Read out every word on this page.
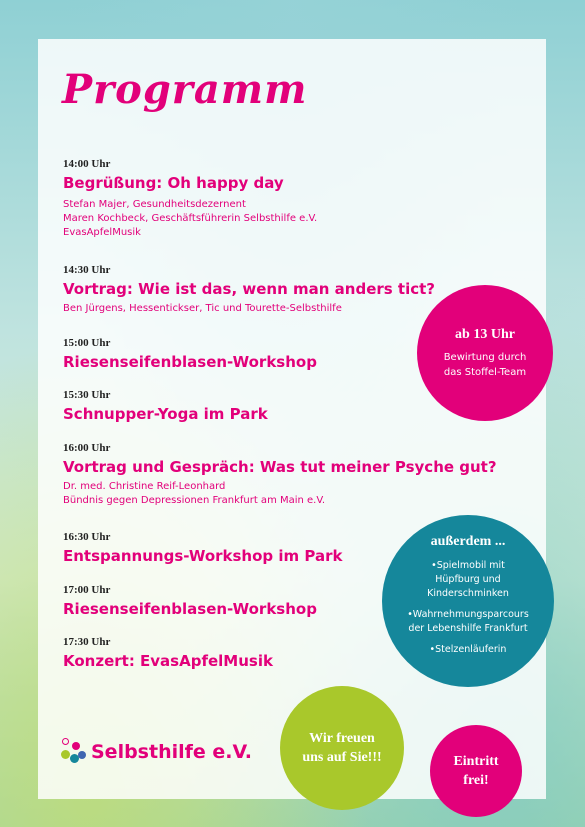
Programm
14:00 Uhr
Begrüßung: Oh happy day
Stefan Majer, Gesundheitsdezernent
Maren Kochbeck, Geschäftsführerin Selbsthilfe e.V.
EvasApfelMusik
14:30 Uhr
Vortrag: Wie ist das, wenn man anders tict?
Ben Jürgens, Hessentickser, Tic und Tourette-Selbsthilfe
15:00 Uhr
Riesenseifenblasen-Workshop
15:30 Uhr
Schnupper-Yoga im Park
16:00 Uhr
Vortrag und Gespräch: Was tut meiner Psyche gut?
Dr. med. Christine Reif-Leonhard
Bündnis gegen Depressionen Frankfurt am Main e.V.
16:30 Uhr
Entspannungs-Workshop im Park
17:00 Uhr
Riesenseifenblasen-Workshop
17:30 Uhr
Konzert: EvasApfelMusik
ab 13 Uhr
Bewirtung durch
das Stoffel-Team
außerdem ...
• Spielmobil mit Hüpfburg und Kinderschminken
• Wahrnehmungsparcours der Lebenshilfe Frankfurt
• Stelzenläuferin
Wir freuen
uns auf Sie!!!	Eintritt
frei!
Selbsthilfe e.V.
